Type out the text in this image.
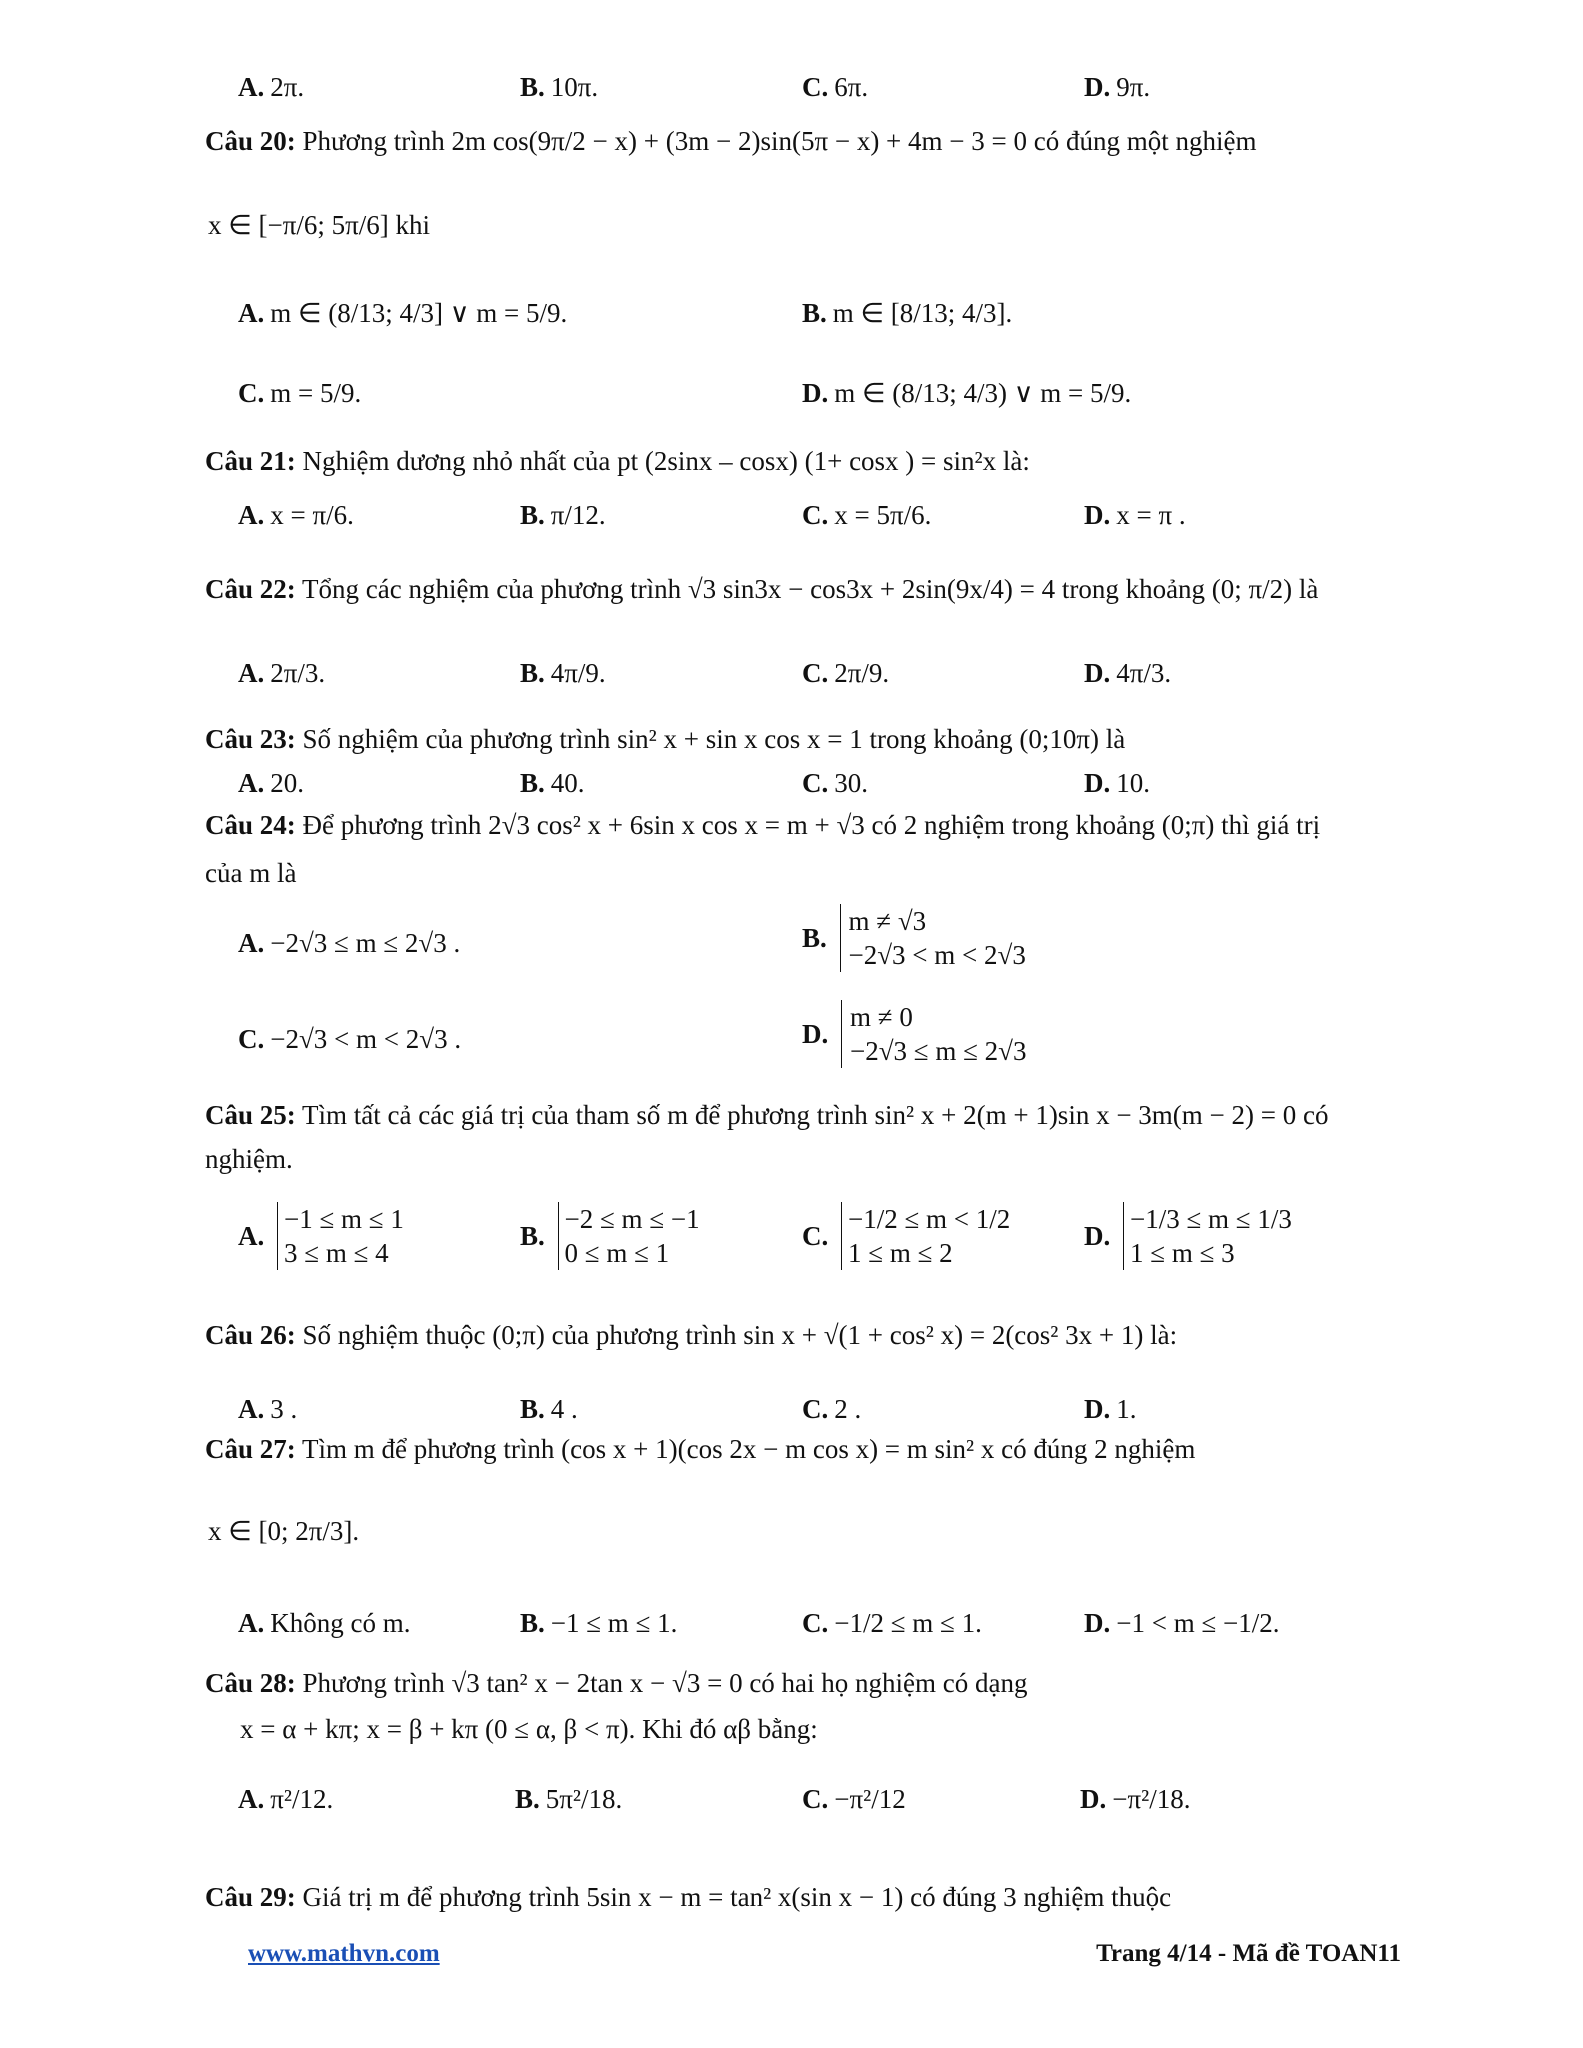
A. 2π.	B. 10π.	C. 6π.	D. 9π.
Câu 20: Phương trình 2m cos(9π/2 − x) + (3m − 2)sin(5π − x) + 4m − 3 = 0 có đúng một nghiệm
x ∈ [−π/6; 5π/6] khi
A. m ∈ (8/13; 4/3] ∨ m = 5/9.	B. m ∈ [8/13; 4/3].
C. m = 5/9.	D. m ∈ (8/13; 4/3) ∨ m = 5/9.
Câu 21: Nghiệm dương nhỏ nhất của pt (2sinx – cosx) (1+ cosx ) = sin²x là:
A. x = π/6.	B. π/12.	C. x = 5π/6.	D. x = π .
Câu 22: Tổng các nghiệm của phương trình √3 sin3x − cos3x + 2sin(9x/4) = 4 trong khoảng (0; π/2) là
A. 2π/3.	B. 4π/9.	C. 2π/9.	D. 4π/3.
Câu 23: Số nghiệm của phương trình sin² x + sin x cos x = 1 trong khoảng (0;10π) là
A. 20.	B. 40.	C. 30.	D. 10.
Câu 24: Để phương trình 2√3 cos² x + 6sin x cos x = m + √3 có 2 nghiệm trong khoảng (0;π) thì giá trị
của m là
A. −2√3 ≤ m ≤ 2√3 .	B.
m ≠ √3
−2√3 < m < 2√3
C. −2√3 < m < 2√3 .	D.
m ≠ 0
−2√3 ≤ m ≤ 2√3
Câu 25: Tìm tất cả các giá trị của tham số m để phương trình sin² x + 2(m + 1)sin x − 3m(m − 2) = 0 có
nghiệm.
A.
−1 ≤ m ≤ 1
3 ≤ m ≤ 4
B.
−2 ≤ m ≤ −1
0 ≤ m ≤ 1
C.
−1/2 ≤ m < 1/2
1 ≤ m ≤ 2
D.
−1/3 ≤ m ≤ 1/3
1 ≤ m ≤ 3
Câu 26: Số nghiệm thuộc (0;π) của phương trình sin x + √(1 + cos² x) = 2(cos² 3x + 1) là:
A. 3 .	B. 4 .	C. 2 .	D. 1.
Câu 27: Tìm m để phương trình (cos x + 1)(cos 2x − m cos x) = m sin² x có đúng 2 nghiệm
x ∈ [0; 2π/3].
A. Không có m.	B. −1 ≤ m ≤ 1.	C. −1/2 ≤ m ≤ 1.	D. −1 < m ≤ −1/2.
Câu 28: Phương trình √3 tan² x − 2tan x − √3 = 0 có hai họ nghiệm có dạng
x = α + kπ; x = β + kπ (0 ≤ α, β < π). Khi đó αβ bằng:
A. π²/12.	B. 5π²/18.	C. −π²/12	D. −π²/18.
Câu 29: Giá trị m để phương trình 5sin x − m = tan² x(sin x − 1) có đúng 3 nghiệm thuộc
www.mathvn.com	Trang 4/14 - Mã đề TOAN11
